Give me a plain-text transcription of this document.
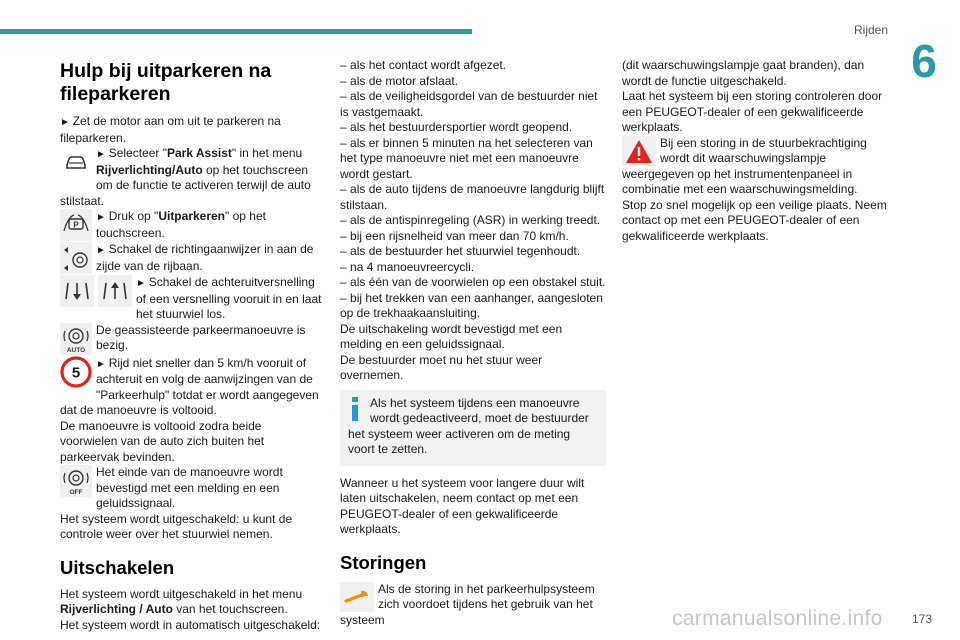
Rijden
6
173
carmanualsonline.info
Hulp bij uitparkeren na fileparkeren

► Zet de motor aan om uit te parkeren na fileparkeren.

► Selecteer "Park Assist" in het menu Rijverlichting/Auto op het touchscreen om de functie te activeren terwijl de auto stilstaat.

P

► Druk op "Uitparkeren" op het touchscreen.

► Schakel de richtingaanwijzer in aan de zijde van de rijbaan.

► Schakel de achteruitversnelling of een versnelling vooruit in en laat het stuurwiel los.

AUTO

De geassisteerde parkeermanoeuvre is bezig.

5

► Rijd niet sneller dan 5 km/h vooruit of achteruit en volg de aanwijzingen van de "Parkeerhulp" totdat er wordt aangegeven dat de manoeuvre is voltooid.

De manoeuvre is voltooid zodra beide voorwielen van de auto zich buiten het parkeervak bevinden.

OFF

Het einde van de manoeuvre wordt bevestigd met een melding en een geluidssignaal.

Het systeem wordt uitgeschakeld: u kunt de controle weer over het stuurwiel nemen.

Uitschakelen

Het systeem wordt uitgeschakeld in het menu Rijverlichting / Auto van het touchscreen.

Het systeem wordt in automatisch uitgeschakeld:

– als het contact wordt afgezet.

– als de motor afslaat.

– als de veiligheidsgordel van de bestuurder niet is vastgemaakt.

– als het bestuurdersportier wordt geopend.

– als er binnen 5 minuten na het selecteren van het type manoeuvre niet met een manoeuvre wordt gestart.

– als de auto tijdens de manoeuvre langdurig blijft stilstaan.

– als de antispinregeling (ASR) in werking treedt.

– bij een rijsnelheid van meer dan 70 km/h.

– als de bestuurder het stuurwiel tegenhoudt.

– na 4 manoeuvreercycli.

– als één van de voorwielen op een obstakel stuit.

– bij het trekken van een aanhanger, aangesloten op de trekhaakaansluiting.

De uitschakeling wordt bevestigd met een melding en een geluidssignaal.

De bestuurder moet nu het stuur weer overnemen.

Als het systeem tijdens een manoeuvre wordt gedeactiveerd, moet de bestuurder het systeem weer activeren om de meting voort te zetten.

Wanneer u het systeem voor langere duur wilt laten uitschakelen, neem contact op met een PEUGEOT-dealer of een gekwalificeerde werkplaats.

Storingen

Als de storing in het parkeerhulpsysteem zich voordoet tijdens het gebruik van het systeem

(dit waarschuwingslampje gaat branden), dan wordt de functie uitgeschakeld.

Laat het systeem bij een storing controleren door een PEUGEOT-dealer of een gekwalificeerde werkplaats.

Bij een storing in de stuurbekrachtiging wordt dit waarschuwingslampje weergegeven op het instrumentenpaneel in combinatie met een waarschuwingsmelding.

Stop zo snel mogelijk op een veilige plaats. Neem contact op met een PEUGEOT-dealer of een gekwalificeerde werkplaats.
